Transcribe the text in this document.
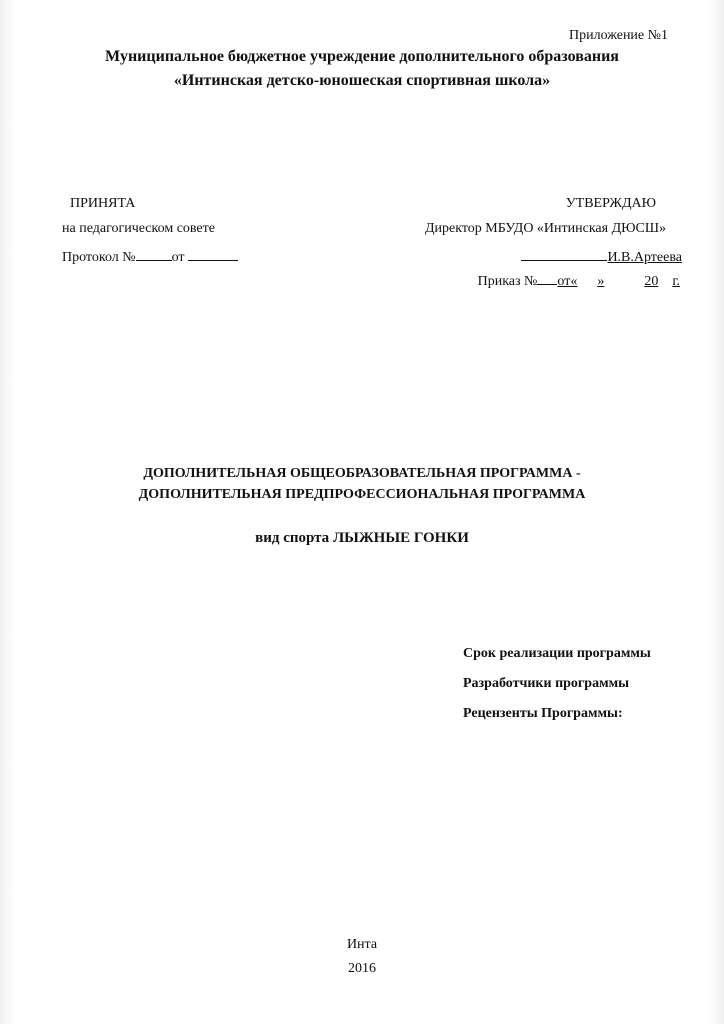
Приложение №1
Муниципальное бюджетное учреждение дополнительного образования
«Интинская детско-юношеская спортивная школа»
ПРИНЯТА
на педагогическом совете
Протокол №	от
УТВЕРЖДАЮ
Директор МБУДО «Интинская ДЮСШ»
И.В.Артеева
Приказ № от« »	20 г.
ДОПОЛНИТЕЛЬНАЯ ОБЩЕОБРАЗОВАТЕЛЬНАЯ ПРОГРАММА -
ДОПОЛНИТЕЛЬНАЯ ПРЕДПРОФЕССИОНАЛЬНАЯ ПРОГРАММА
вид спорта ЛЫЖНЫЕ ГОНКИ
Срок реализации программы
Разработчики программы
Рецензенты Программы:
Инта
2016
